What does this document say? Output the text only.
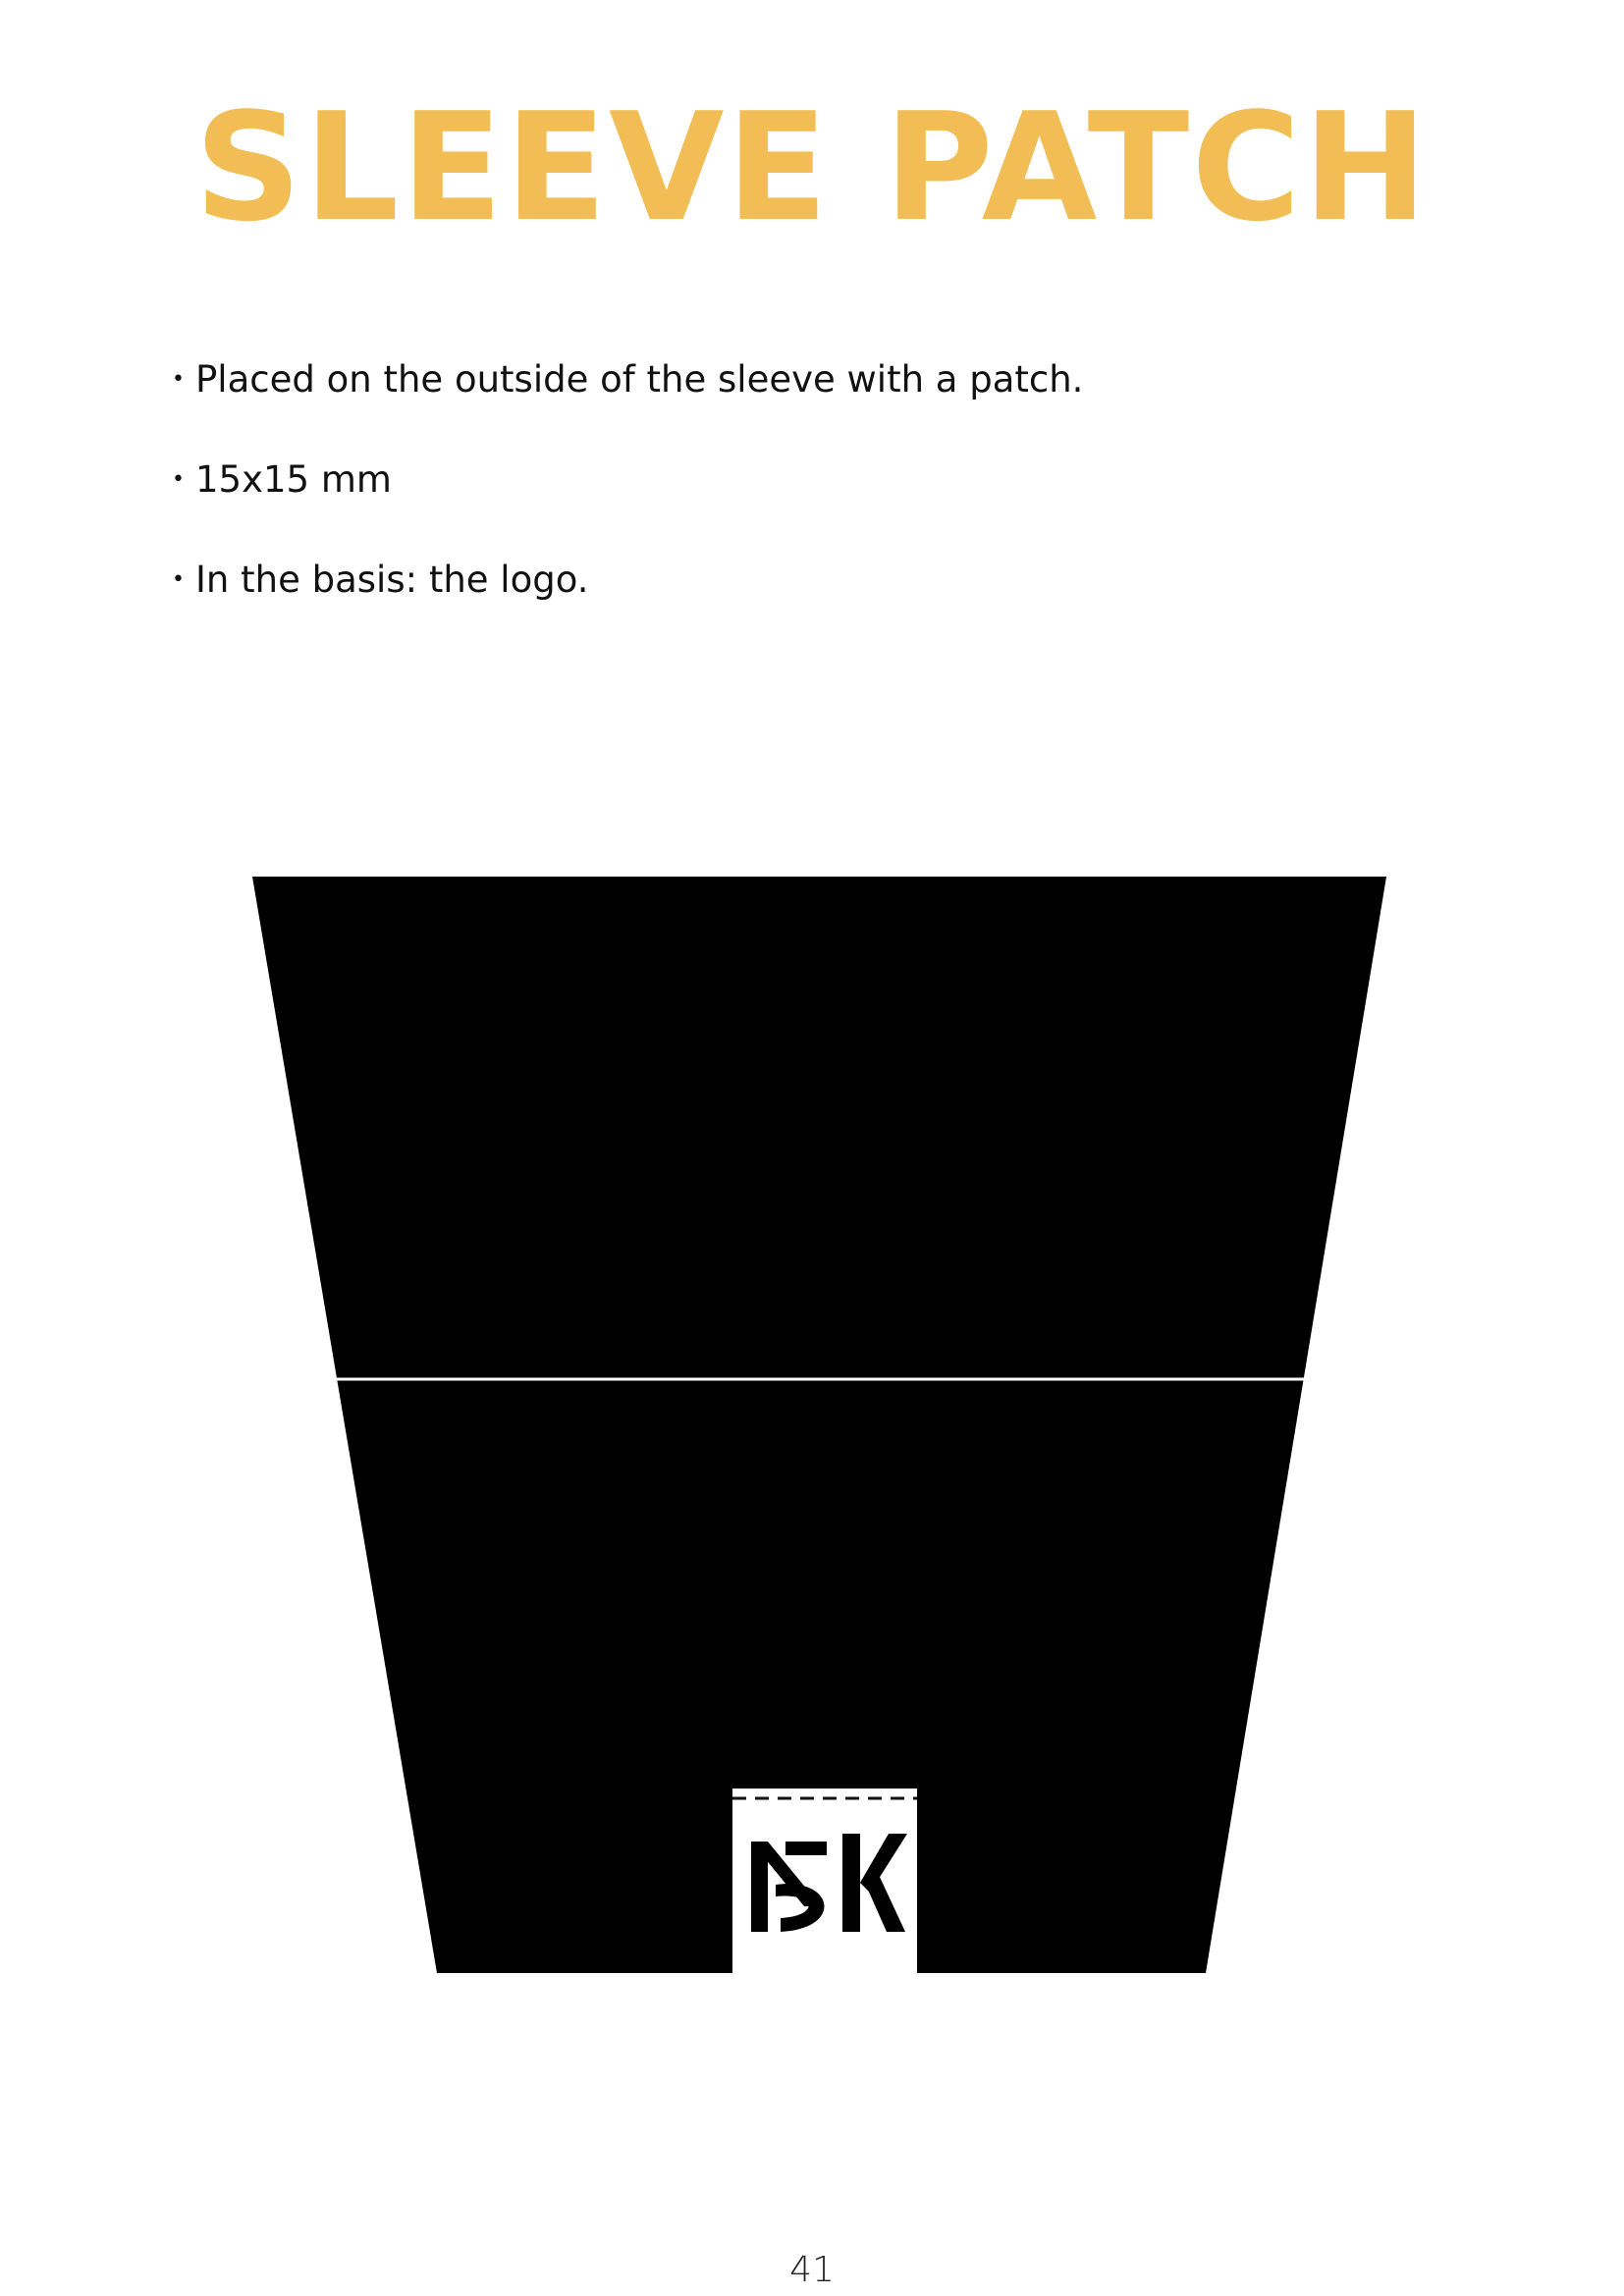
SLEEVE PATCH
• Placed on the outside of the sleeve with a patch.
• 15x15 mm
• In the basis: the logo.
41
